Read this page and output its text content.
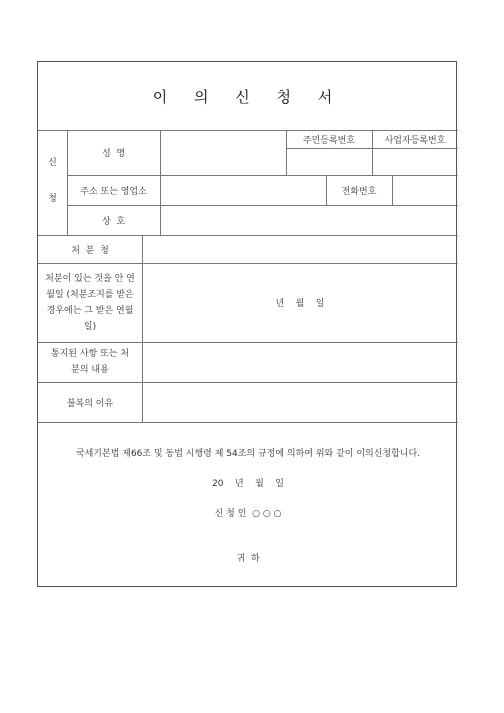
이 의 신 청 서
신
청
성  명
주민등록번호	사업자등록번호
주소 또는 영업소	전화번호
상  호
처  분  청
처분이 있는 것을 안 연월일 (처분조지를 받은경우에는 그 받은 연월일)
년    월    일
통지된 사항 또는 처분의 내용
불복의 이유
국세기본법 제66조 및 동법 시행령 제 54조의 규정에 의하여 위와 같이 이의신청합니다.
20    년    월    일
신 청 인  ○ ○ ○
귀  하
